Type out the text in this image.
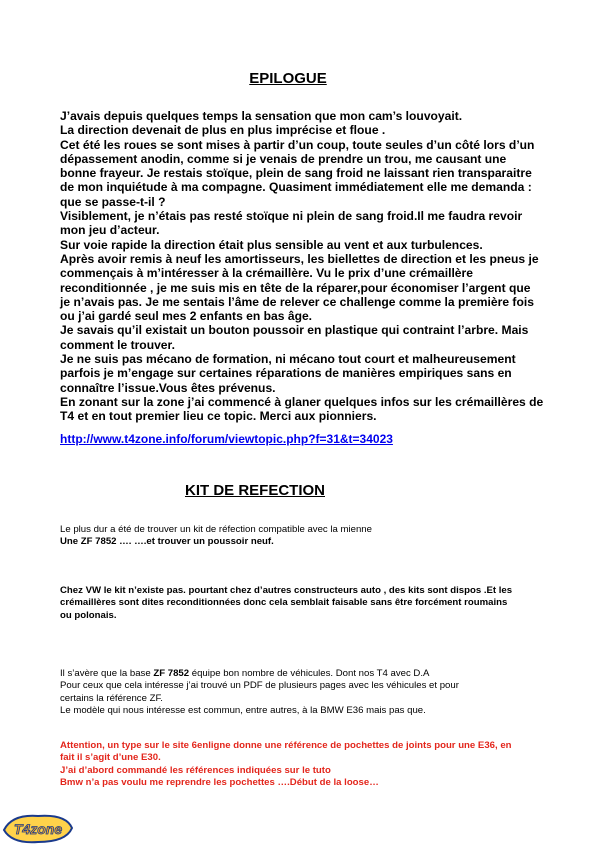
EPILOGUE

J’avais depuis quelques temps la sensation que mon cam’s louvoyait.

La direction devenait de plus en plus imprécise et floue .

Cet été les roues se sont mises à partir d’un coup, toute seules d’un côté lors d’un

dépassement anodin, comme si je venais de prendre un trou, me causant une

bonne frayeur. Je restais stoïque, plein de sang froid ne laissant rien transparaitre

de mon inquiétude à ma compagne. Quasiment immédiatement elle me demanda :

que se passe-t-il ?

Visiblement, je n’étais pas resté stoïque ni plein de sang froid.Il me faudra revoir

mon jeu d’acteur.

Sur voie rapide la direction était plus sensible au vent et aux turbulences.

Après avoir remis à neuf les amortisseurs, les biellettes de direction et les pneus je

commençais à m’intéresser à la crémaillère. Vu le prix d’une crémaillère

reconditionnée , je me suis mis en tête de la réparer,pour économiser l’argent que

je n’avais pas. Je me sentais l’âme de relever ce challenge comme la première fois

ou j’ai gardé seul mes 2 enfants en bas âge.

Je savais qu’il existait un bouton poussoir en plastique qui contraint l’arbre. Mais

comment le trouver.

Je ne suis pas mécano de formation, ni mécano tout court et malheureusement

parfois je m’engage sur certaines réparations de manières empiriques sans en

connaître l’issue.Vous êtes prévenus.

En zonant sur la zone j’ai commencé à glaner quelques infos sur les crémaillères de

T4 et en tout premier lieu ce topic. Merci aux pionniers.

http://www.t4zone.info/forum/viewtopic.php?f=31&t=34023
KIT DE REFECTION

Le plus dur a été de trouver un kit de réfection compatible avec la mienne

Une ZF 7852 …. ….et trouver un poussoir neuf.

Chez VW le kit n’existe pas. pourtant chez d’autres constructeurs auto , des kits sont dispos .Et les

crémaillères sont dites reconditionnées donc cela semblait faisable sans être forcément roumains

ou polonais.

Il s’avère que la base ZF 7852 équipe bon nombre de véhicules. Dont nos T4 avec D.A

Pour ceux que cela intéresse j’ai trouvé un PDF de plusieurs pages avec les véhicules et pour

certains la référence ZF.

Le modèle qui nous intéresse est commun, entre autres, à la BMW E36 mais pas que.

Attention, un type sur le site 6enligne donne une référence de pochettes de joints pour une E36, en

fait il s’agit d’une E30.

J’ai d’abord commandé les références indiquées sur le tuto

Bmw n’a pas voulu me reprendre les pochettes ….Début de la loose…

T4zone
